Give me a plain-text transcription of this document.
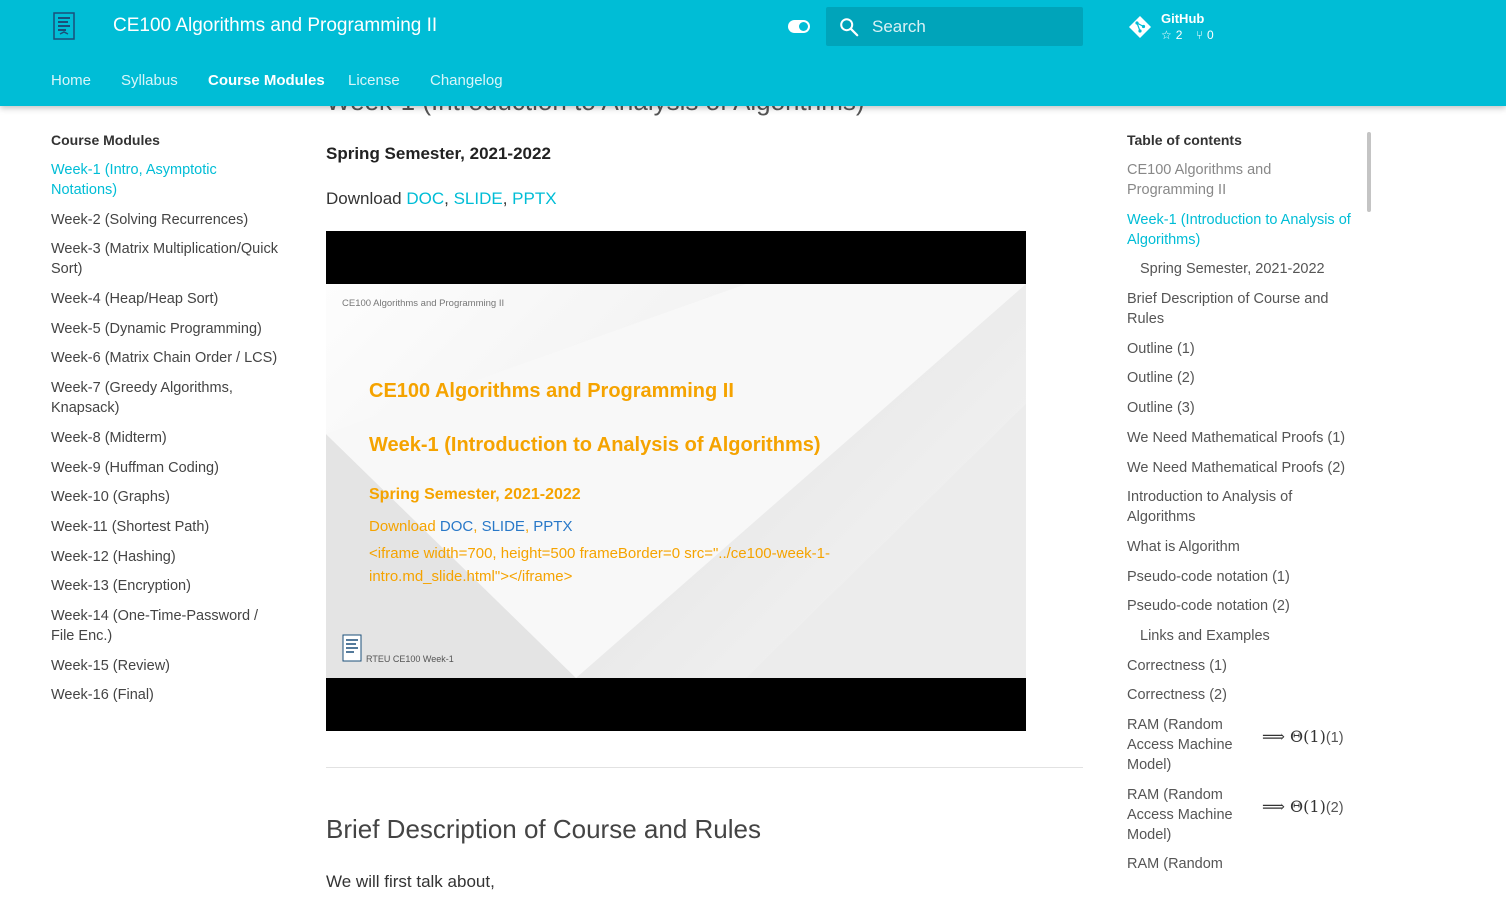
CE100 Algorithms and Programming II
Search	GitHub
☆ 2 ⑂ 0
Home Syllabus Course Modules License Changelog
Course Modules
Week-1 (Intro, Asymptotic Notations)
Week-2 (Solving Recurrences)
Week-3 (Matrix Multiplication/Quick Sort)
Week-4 (Heap/Heap Sort)
Week-5 (Dynamic Programming)
Week-6 (Matrix Chain Order / LCS)
Week-7 (Greedy Algorithms, Knapsack)
Week-8 (Midterm)
Week-9 (Huffman Coding)
Week-10 (Graphs)
Week-11 (Shortest Path)
Week-12 (Hashing)
Week-13 (Encryption)
Week-14 (One-Time-Password / File Enc.)
Week-15 (Review)
Week-16 (Final)
Spring Semester, 2021-2022
Download DOC, SLIDE, PPTX
CE100 Algorithms and Programming II
CE100 Algorithms and Programming II
Week-1 (Introduction to Analysis of Algorithms)
Spring Semester, 2021-2022
Download DOC, SLIDE, PPTX
<iframe width=700, height=500 frameBorder=0 src="../ce100-week-1-intro.md_slide.html"></iframe>
RTEU CE100 Week-1
Brief Description of Course and Rules
We will first talk about,
Table of contents
CE100 Algorithms and Programming II
Week-1 (Introduction to Analysis of Algorithms)
Spring Semester, 2021-2022
Brief Description of Course and Rules
Outline (1)
Outline (2)
Outline (3)
We Need Mathematical Proofs (1)
We Need Mathematical Proofs (2)
Introduction to Analysis of Algorithms
What is Algorithm
Pseudo-code notation (1)
Pseudo-code notation (2)
Links and Examples
Correctness (1)
Correctness (2)
RAM (Random Access Machine Model)
⟹ Θ(1)(1)
RAM (Random Access Machine Model)
⟹ Θ(1)(2)
RAM (Random
